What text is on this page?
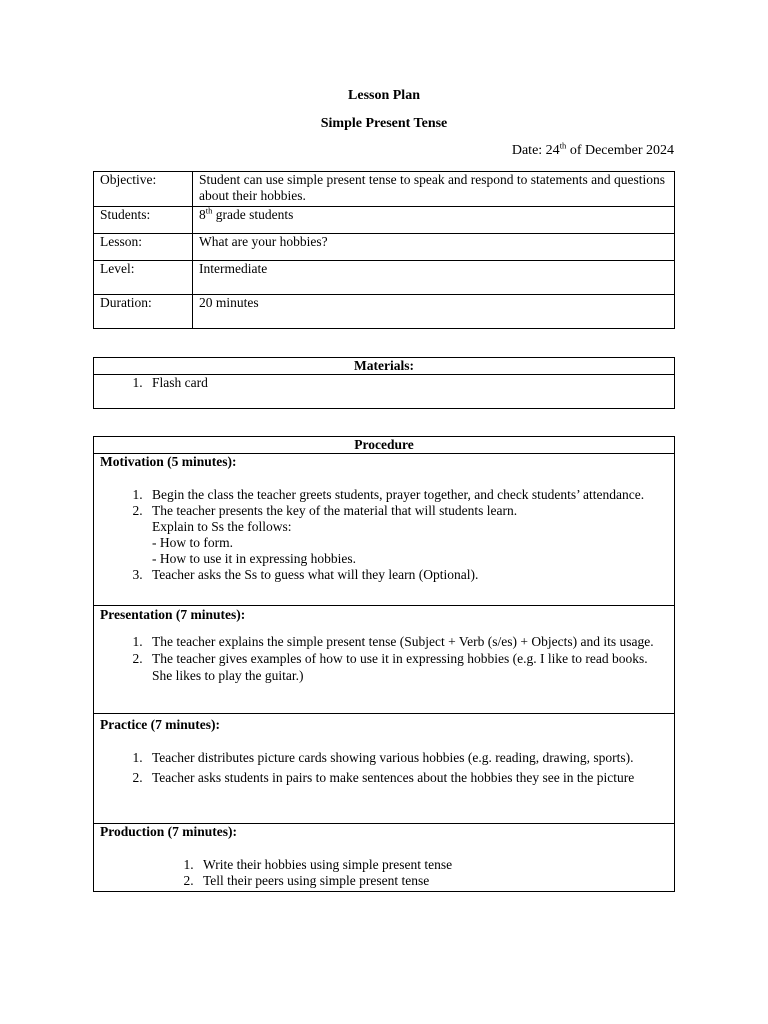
Lesson Plan
Simple Present Tense
Date: 24th of December 2024
Objective:	Student can use simple present tense to speak and respond to statements and questions about their hobbies.
Students:	8th grade students
Lesson:	What are your hobbies?
Level:	Intermediate
Duration:	20 minutes
Materials:

1. Flash card
Procedure

Motivation (5 minutes):
1. Begin the class the teacher greets students, prayer together, and check students’ attendance.
2. The teacher presents the key of the material that will students learn.
Explain to Ss the follows:
- How to form.
- How to use it in expressing hobbies.
3. Teacher asks the Ss to guess what will they learn (Optional).

Presentation (7 minutes):
1. The teacher explains the simple present tense (Subject + Verb (s/es) + Objects) and its usage.
2. The teacher gives examples of how to use it in expressing hobbies (e.g. I like to read books. She likes to play the guitar.)

Practice (7 minutes):
1. Teacher distributes picture cards showing various hobbies (e.g. reading, drawing, sports).
2. Teacher asks students in pairs to make sentences about the hobbies they see in the picture

Production (7 minutes):
1. Write their hobbies using simple present tense
2. Tell their peers using simple present tense
